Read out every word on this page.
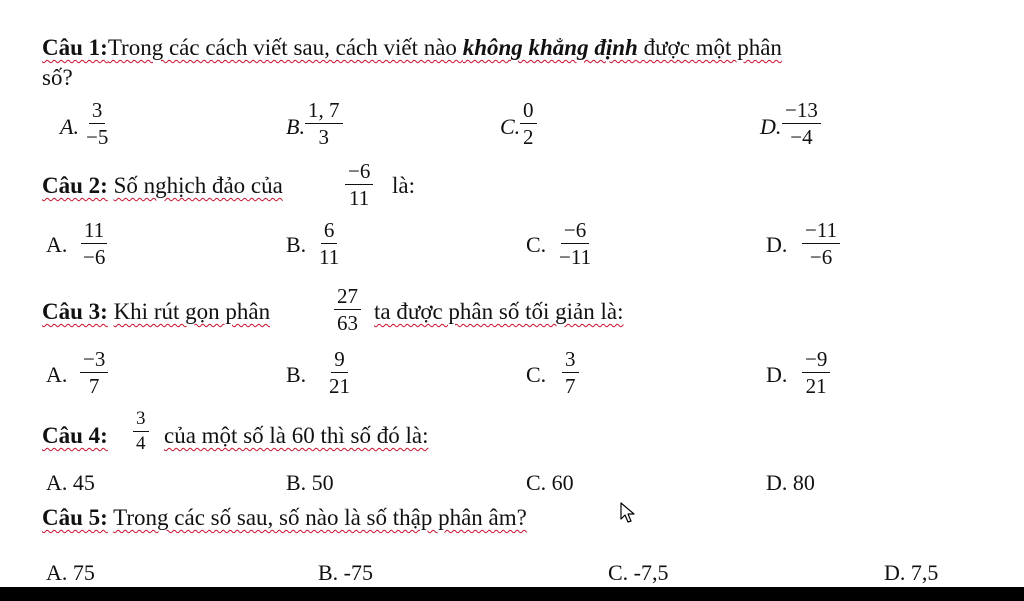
Câu 1:Trong các cách viết sau, cách viết nào không khẳng định được một phân
số?
A. $\frac{3}{-5}$	B. $\frac{1, 7}{3}$	C. $\frac{0}{2}$	D. $\frac{-13}{-4}$
Câu 2: Số nghịch đảo của	$\frac{-6}{11}$ là:
A. $\frac{11}{-6}$	B. $\frac{6}{11}$	C. $\frac{-6}{-11}$	D. $\frac{-11}{-6}$
Câu 3: Khi rút gọn phân	$\frac{27}{63}$ ta được phân số tối giản là:
A. $\frac{-3}{7}$	B. $\frac{9}{21}$	C. $\frac{3}{7}$	D. $\frac{-9}{21}$
Câu 4: $\frac{3}{4}$ của một số là 60 thì số đó là:
A. 45	B. 50	C. 60	D. 80
Câu 5: Trong các số sau, số nào là số thập phân âm?
A. 75	B. -75	C. -7,5	D. 7,5
